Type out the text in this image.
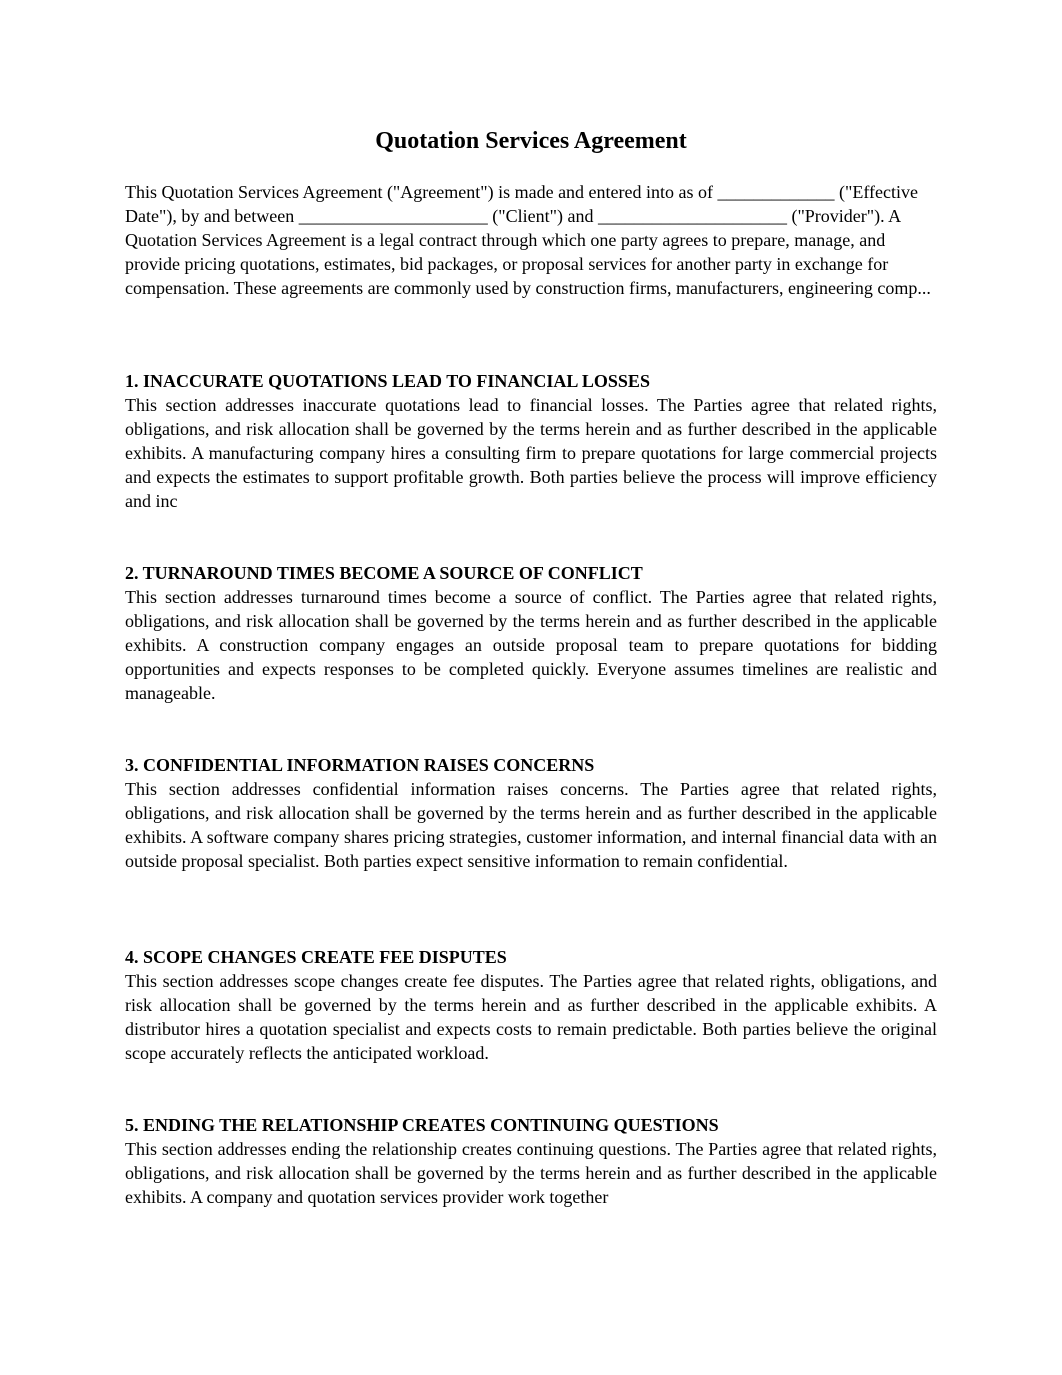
Quotation Services Agreement

This Quotation Services Agreement ("Agreement") is made and entered into as of _____________ ("Effective Date"), by and between _____________________ ("Client") and _____________________ ("Provider"). A Quotation Services Agreement is a legal contract through which one party agrees to prepare, manage, and provide pricing quotations, estimates, bid packages, or proposal services for another party in exchange for compensation. These agreements are commonly used by construction firms, manufacturers, engineering comp...

1. INACCURATE QUOTATIONS LEAD TO FINANCIAL LOSSES

This section addresses inaccurate quotations lead to financial losses. The Parties agree that related rights, obligations, and risk allocation shall be governed by the terms herein and as further described in the applicable exhibits. A manufacturing company hires a consulting firm to prepare quotations for large commercial projects and expects the estimates to support profitable growth. Both parties believe the process will improve efficiency and inc

2. TURNAROUND TIMES BECOME A SOURCE OF CONFLICT

This section addresses turnaround times become a source of conflict. The Parties agree that related rights, obligations, and risk allocation shall be governed by the terms herein and as further described in the applicable exhibits. A construction company engages an outside proposal team to prepare quotations for bidding opportunities and expects responses to be completed quickly. Everyone assumes timelines are realistic and manageable.

3. CONFIDENTIAL INFORMATION RAISES CONCERNS

This section addresses confidential information raises concerns. The Parties agree that related rights, obligations, and risk allocation shall be governed by the terms herein and as further described in the applicable exhibits. A software company shares pricing strategies, customer information, and internal financial data with an outside proposal specialist. Both parties expect sensitive information to remain confidential.

4. SCOPE CHANGES CREATE FEE DISPUTES

This section addresses scope changes create fee disputes. The Parties agree that related rights, obligations, and risk allocation shall be governed by the terms herein and as further described in the applicable exhibits. A distributor hires a quotation specialist and expects costs to remain predictable. Both parties believe the original scope accurately reflects the anticipated workload.

5. ENDING THE RELATIONSHIP CREATES CONTINUING QUESTIONS

This section addresses ending the relationship creates continuing questions. The Parties agree that related rights, obligations, and risk allocation shall be governed by the terms herein and as further described in the applicable exhibits. A company and quotation services provider work together
